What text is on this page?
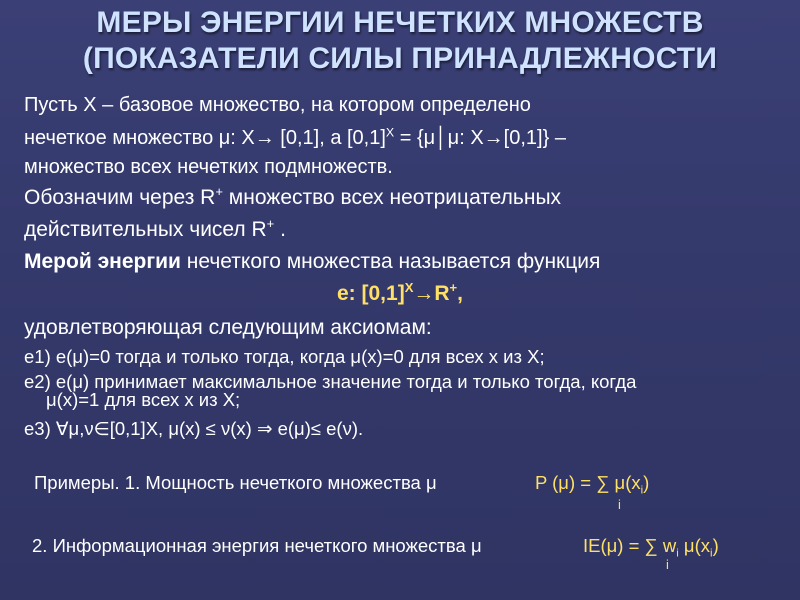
МЕРЫ ЭНЕРГИИ НЕЧЕТКИХ МНОЖЕСТВ
(ПОКАЗАТЕЛИ СИЛЫ ПРИНАДЛЕЖНОСТИ
Пусть X – базовое множество, на котором определено
нечеткое множество μ: X→ [0,1], а $[0,1]^X$ = {μ│μ: X→[0,1]} –
множество всех нечетких подмножеств.
Обозначим через R+ множество всех неотрицательных
действительных чисел R+ .
Мерой энергии нечеткого множества называется функция
e: $[0,1]^X\to R^+$,
удовлетворяющая следующим аксиомам:
e1) e(μ)=0 тогда и только тогда, когда μ(x)=0 для всех x из X;
e2) e(μ) принимает максимальное значение тогда и только тогда, когда
μ(x)=1 для всех x из X;
e3) ∀μ,ν∈[0,1]X, μ(x) ≤ ν(x) ⇒ e(μ)≤ e(ν).
Примеры. 1. Мощность нечеткого множества μ	P (μ) = ∑ $\mu(x_i)$
i
2. Информационная энергия нечеткого множества μ	IE(μ) = ∑ $w_i$ $\mu(x_i)$
i
